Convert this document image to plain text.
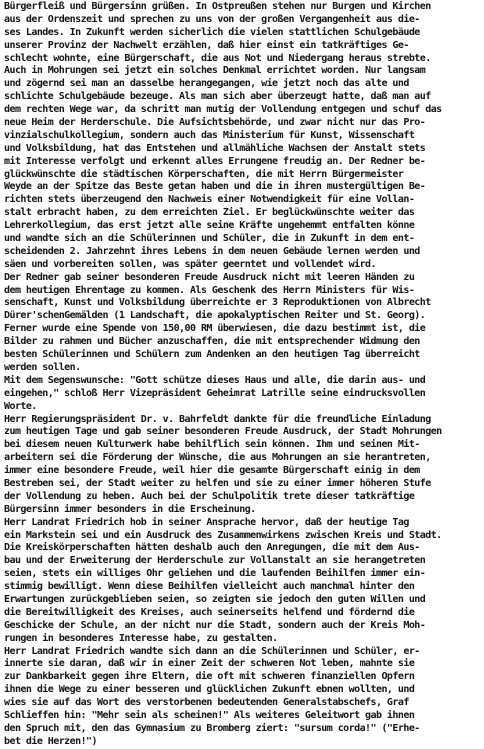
Bürgerfleiß und Bürgersinn grüßen. In Ostpreußen stehen nur Burgen und Kirchen
aus der Ordenszeit und sprechen zu uns von der großen Vergangenheit aus die-
ses Landes. In Zukunft werden sicherlich die vielen stattlichen Schulgebäude
unserer Provinz der Nachwelt erzählen, daß hier einst ein tatkräftiges Ge-
schlecht wohnte, eine Bürgerschaft, die aus Not und Niedergang heraus strebte.
Auch in Mohrungen sei jetzt ein solches Denkmal errichtet worden. Nur langsam
und zögernd sei man an dasselbe herangegangen, wie jetzt noch das alte und
schlichte Schulgebäude bezeuge. Als man sich aber überzeugt hatte, daß man auf
dem rechten Wege war, da schritt man mutig der Vollendung entgegen und schuf das
neue Heim der Herderschule. Die Aufsichtsbehörde, und zwar nicht nur das Pro-
vinzialschulkollegium, sondern auch das Ministerium für Kunst, Wissenschaft
und Volksbildung, hat das Entstehen und allmähliche Wachsen der Anstalt stets
mit Interesse verfolgt und erkennt alles Errungene freudig an. Der Redner be-
glückwünschte die städtischen Körperschaften, die mit Herrn Bürgermeister
Weyde an der Spitze das Beste getan haben und die in ihren mustergültigen Be-
richten stets überzeugend den Nachweis einer Notwendigkeit für eine Vollan-
stalt erbracht haben, zu dem erreichten Ziel. Er beglückwünschte weiter das
Lehrerkollegium, das erst jetzt alle seine Kräfte ungehemmt entfalten könne
und wandte sich an die Schülerinnen und Schüler, die in Zukunft in dem ent-
scheidenden 2. Jahrzehnt ihres Lebens in dem neuen Gebäude lernen werden und
säen und vorbereiten sollen, was später geerntet und vollendet wird.
Der Redner gab seiner besonderen Freude Ausdruck nicht mit leeren Händen zu
dem heutigen Ehrentage zu kommen. Als Geschenk des Herrn Ministers für Wis-
senschaft, Kunst und Volksbildung überreichte er 3 Reproduktionen von Albrecht
Dürer'schenGemälden (1 Landschaft, die apokalyptischen Reiter und St. Georg).
Ferner wurde eine Spende von 150,00 RM überwiesen, die dazu bestimmt ist, die
Bilder zu rahmen und Bücher anzuschaffen, die mit entsprechender Widmung den
besten Schülerinnen und Schülern zum Andenken an den heutigen Tag überreicht
werden sollen.
Mit dem Segenswunsche: "Gott schütze dieses Haus und alle, die darin aus- und
eingehen," schloß Herr Vizepräsident Geheimrat Latrille seine eindrucksvollen
Worte.
Herr Regierungspräsident Dr. v. Bahrfeldt dankte für die freundliche Einladung
zum heutigen Tage und gab seiner besonderen Freude Ausdruck, der Stadt Mohrungen
bei diesem neuen Kulturwerk habe behilflich sein können. Ihm und seinen Mit-
arbeitern sei die Förderung der Wünsche, die aus Mohrungen an sie herantreten,
immer eine besondere Freude, weil hier die gesamte Bürgerschaft einig in dem
Bestreben sei, der Stadt weiter zu helfen und sie zu einer immer höheren Stufe
der Vollendung zu heben. Auch bei der Schulpolitik trete dieser tatkräftige
Bürgersinn immer besonders in die Erscheinung.
Herr Landrat Friedrich hob in seiner Ansprache hervor, daß der heutige Tag
ein Markstein sei und ein Ausdruck des Zusammenwirkens zwischen Kreis und Stadt.
Die Kreiskörperschaften hätten deshalb auch den Anregungen, die mit dem Aus-
bau und der Erweiterung der Herderschule zur Vollanstalt an sie herangetreten
seien, stets ein williges Ohr geliehen und die laufenden Beihilfen immer ein-
stimmig bewilligt. Wenn diese Beihilfen vielleicht auch manchmal hinter den
Erwartungen zurückgeblieben seien, so zeigten sie jedoch den guten Willen und
die Bereitwilligkeit des Kreises, auch seinerseits helfend und fördernd die
Geschicke der Schule, an der nicht nur die Stadt, sondern auch der Kreis Moh-
rungen in besonderes Interesse habe, zu gestalten.
Herr Landrat Friedrich wandte sich dann an die Schülerinnen und Schüler, er-
innerte sie daran, daß wir in einer Zeit der schweren Not leben, mahnte sie
zur Dankbarkeit gegen ihre Eltern, die oft mit schweren finanziellen Opfern
ihnen die Wege zu einer besseren und glücklichen Zukunft ebnen wollten, und
wies sie auf das Wort des verstorbenen bedeutenden Generalstabschefs, Graf
Schlieffen hin: "Mehr sein als scheinen!" Als weiteres Geleitwort gab ihnen
den Spruch mit, den das Gymnasium zu Bromberg ziert: "sursum corda!" ("Erhe-
bet die Herzen!")
